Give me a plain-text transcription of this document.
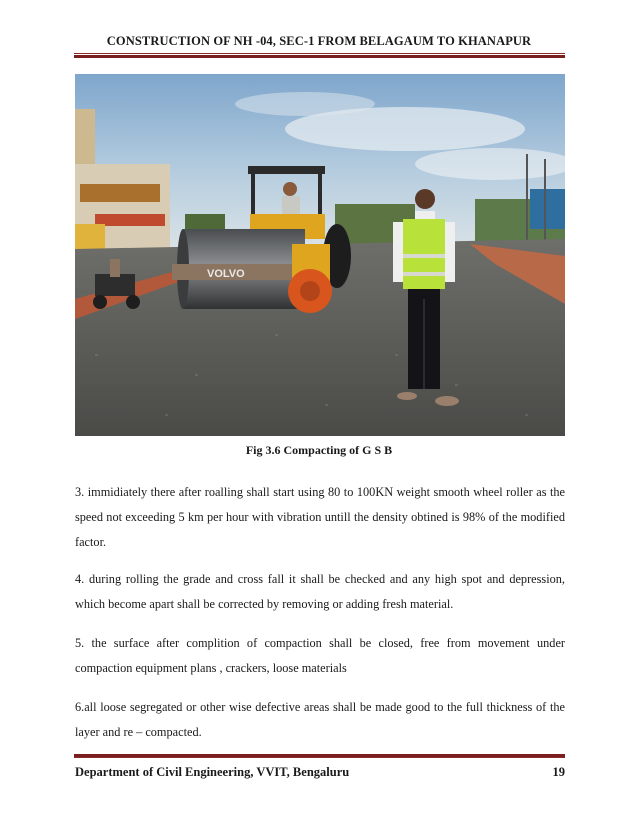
CONSTRUCTION OF NH -04, SEC-1 FROM BELAGAUM TO KHANAPUR
VOLVO
Fig 3.6 Compacting of G S B

3. immidiately there after roalling shall start using 80 to 100KN weight smooth wheel roller as the speed not exceeding 5 km per hour with vibration untill the density obtined is 98% of the modified factor.

4. during rolling the grade and cross fall it shall be checked and any high spot and depression, which become apart shall be corrected by removing or adding fresh material.

5. the surface after complition of compaction shall be closed, free from movement under compaction equipment plans , crackers, loose materials

6.all loose segregated or other wise defective areas shall be made good to the full thickness of the layer and re – compacted.

Department of Civil Engineering, VVIT, Bengaluru	19
